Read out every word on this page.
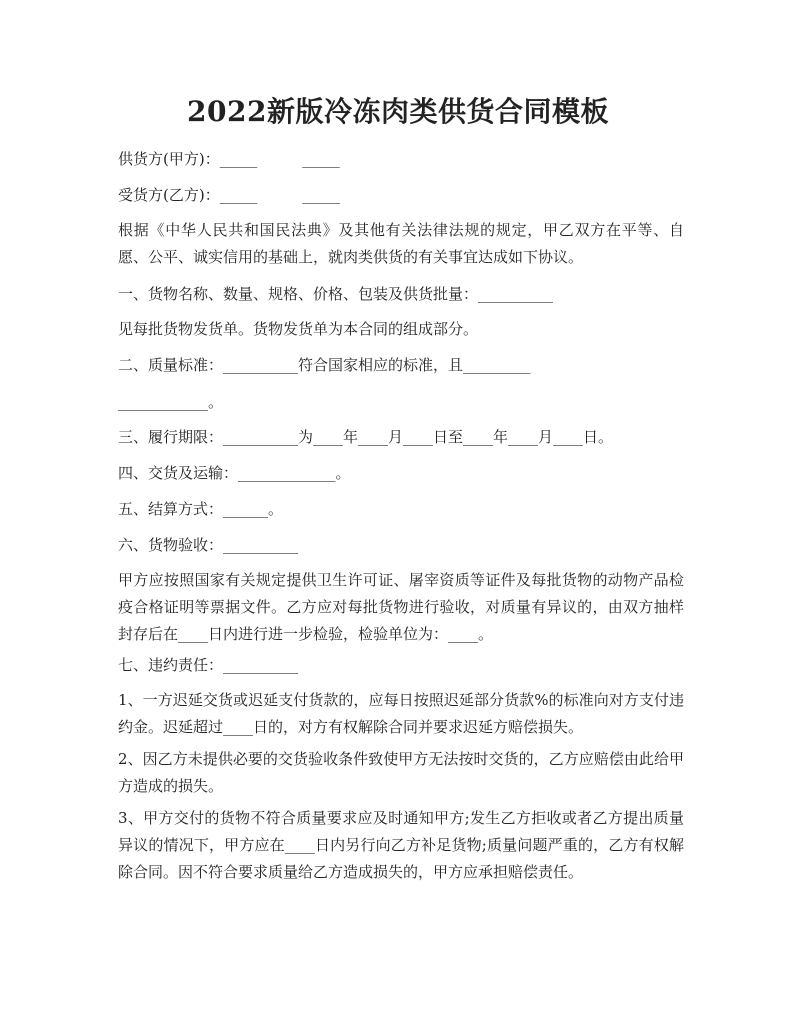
2022新版冷冻肉类供货合同模板
供货方(甲方)：_____　　　_____
受货方(乙方)：_____　　　_____
根据《中华人民共和国民法典》及其他有关法律法规的规定，甲乙双方在平等、自愿、公平、诚实信用的基础上，就肉类供货的有关事宜达成如下协议。
一、货物名称、数量、规格、价格、包装及供货批量：__________
见每批货物发货单。货物发货单为本合同的组成部分。
二、质量标准：__________符合国家相应的标准，且_________
____________。
三、履行期限：__________为____年____月____日至____年____月____日。
四、交货及运输：_____________。
五、结算方式：______。
六、货物验收：__________
甲方应按照国家有关规定提供卫生许可证、屠宰资质等证件及每批货物的动物产品检疫合格证明等票据文件。乙方应对每批货物进行验收，对质量有异议的，由双方抽样封存后在____日内进行进一步检验，检验单位为：____。
七、违约责任：__________
1、一方迟延交货或迟延支付货款的，应每日按照迟延部分货款%的标准向对方支付违约金。迟延超过____日的，对方有权解除合同并要求迟延方赔偿损失。
2、因乙方未提供必要的交货验收条件致使甲方无法按时交货的，乙方应赔偿由此给甲方造成的损失。
3、甲方交付的货物不符合质量要求应及时通知甲方;发生乙方拒收或者乙方提出质量异议的情况下，甲方应在____日内另行向乙方补足货物;质量问题严重的，乙方有权解除合同。因不符合要求质量给乙方造成损失的，甲方应承担赔偿责任。
